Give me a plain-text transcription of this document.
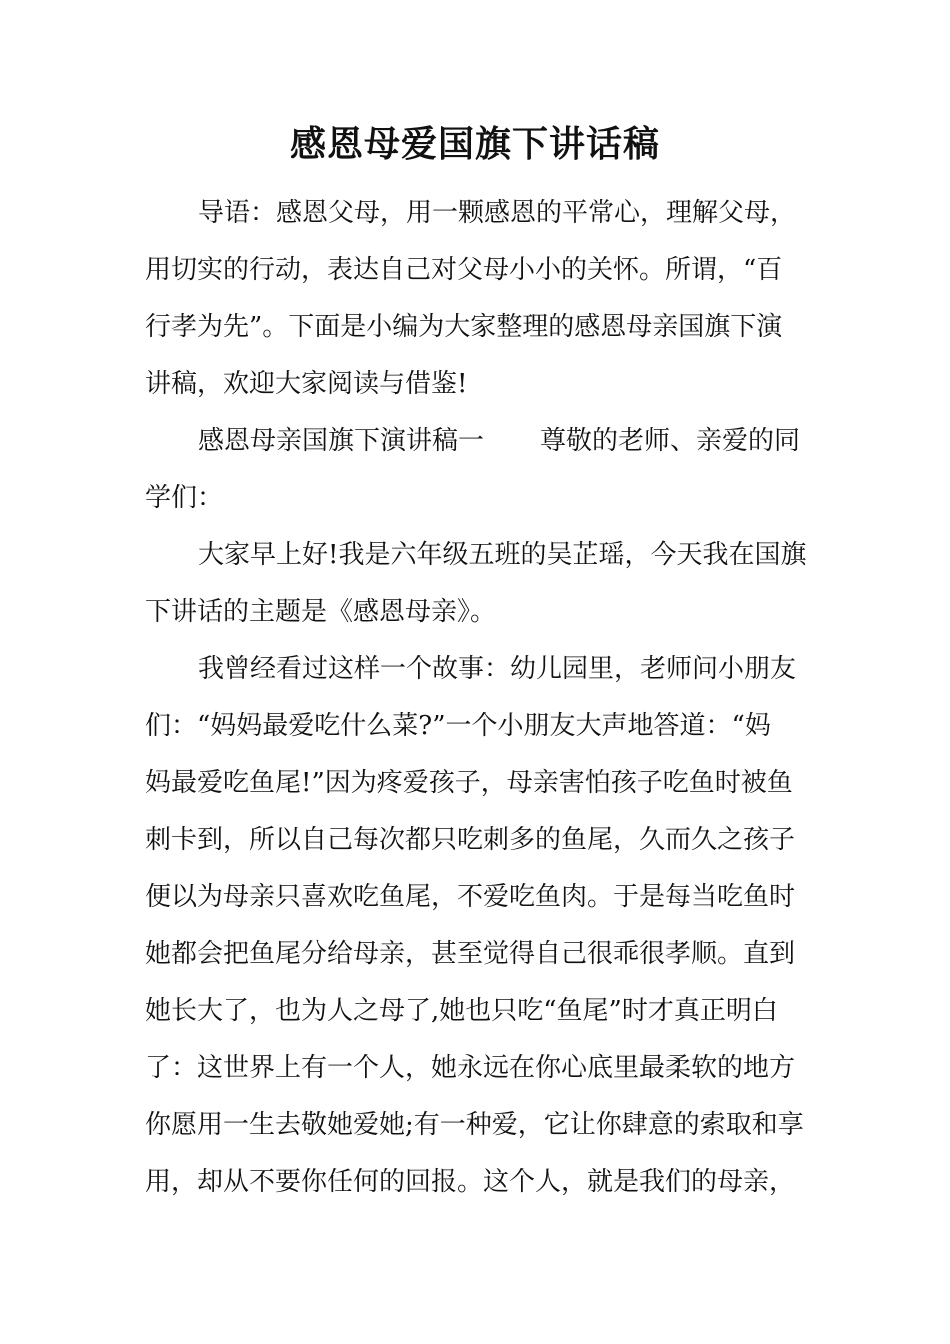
感恩母爱国旗下讲话稿
导语：感恩父母，用一颗感恩的平常心，理解父母，
用切实的行动，表达自己对父母小小的关怀。所谓，“百
行孝为先”。下面是小编为大家整理的感恩母亲国旗下演
讲稿，欢迎大家阅读与借鉴!
感恩母亲国旗下演讲稿一 尊敬的老师、亲爱的同
学们：
大家早上好!我是六年级五班的吴芷瑶，今天我在国旗
下讲话的主题是《感恩母亲》。
我曾经看过这样一个故事：幼儿园里，老师问小朋友
们：“妈妈最爱吃什么菜?”一个小朋友大声地答道：“妈
妈最爱吃鱼尾!”因为疼爱孩子，母亲害怕孩子吃鱼时被鱼
刺卡到，所以自己每次都只吃刺多的鱼尾，久而久之孩子
便以为母亲只喜欢吃鱼尾，不爱吃鱼肉。于是每当吃鱼时
她都会把鱼尾分给母亲，甚至觉得自己很乖很孝顺。直到
她长大了，也为人之母了,她也只吃“鱼尾”时才真正明白
了：这世界上有一个人，她永远在你心底里最柔软的地方
你愿用一生去敬她爱她;有一种爱，它让你肆意的索取和享
用，却从不要你任何的回报。这个人，就是我们的母亲，
